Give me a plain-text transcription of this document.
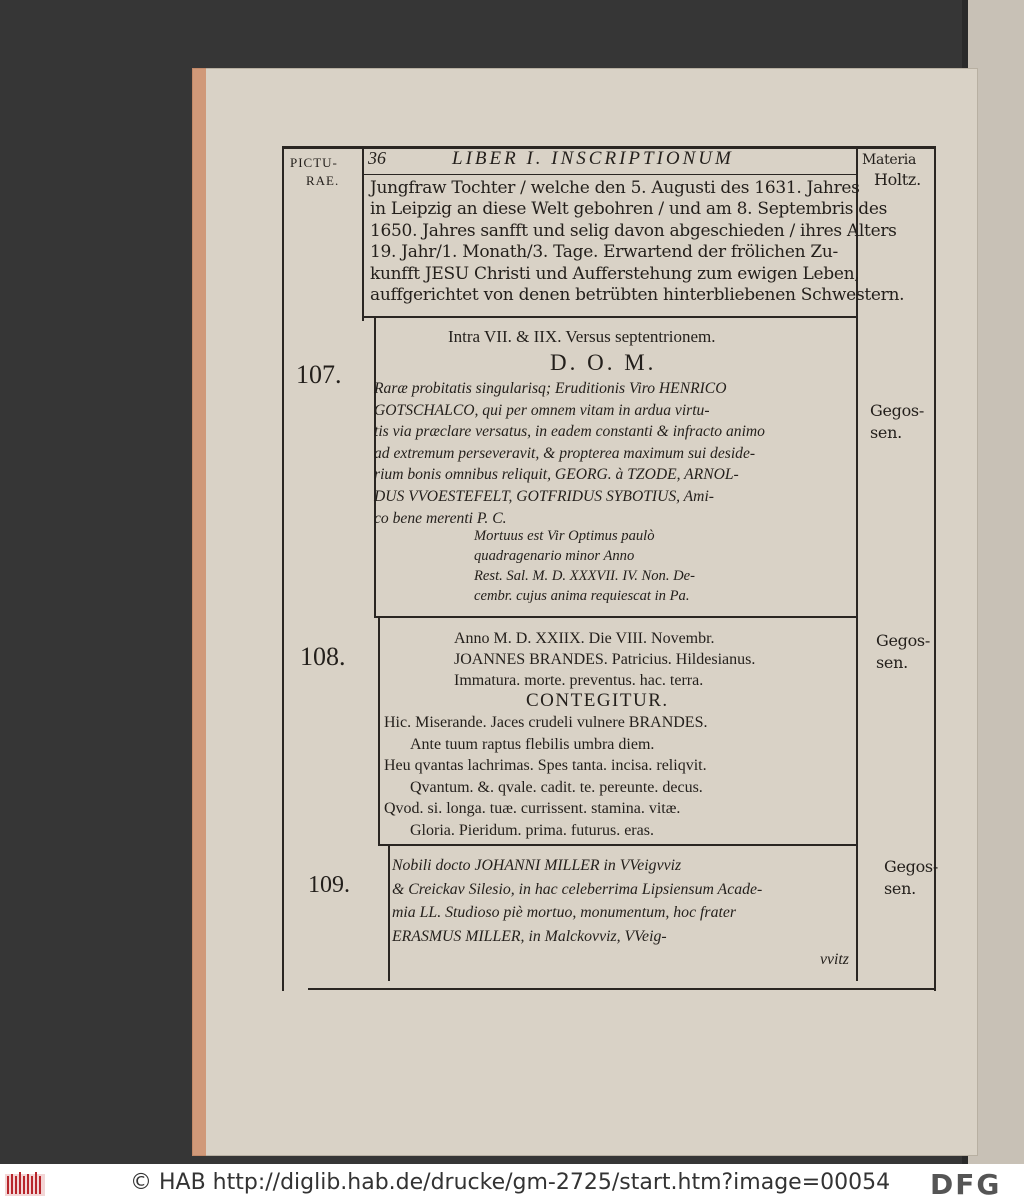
PICTU-
RAE.
36	LIBER I. INSCRIPTIONUM	Materia
Holtz.
Jungfraw Tochter / welche den 5. Augusti des 1631. Jahres
in Leipzig an diese Welt gebohren / und am 8. Septembris des
1650. Jahres sanfft und selig davon abgeschieden / ihres Alters
19. Jahr/1. Monath/3. Tage. Erwartend der frölichen Zu-
kunfft JESU Christi und Aufferstehung zum ewigen Leben,
auffgerichtet von denen betrübten hinterbliebenen Schwestern.
107.
Gegos-
sen.
Intra VII. & IIX. Versus septentrionem.
D. O. M.
Raræ probitatis singularisq; Eruditionis Viro HENRICO
GOTSCHALCO, qui per omnem vitam in ardua virtu-
tis via præclare versatus, in eadem constanti & infracto animo
ad extremum perseveravit, & propterea maximum sui deside-
rium bonis omnibus reliquit, GEORG. à TZODE, ARNOL-
DUS VVOESTEFELT, GOTFRIDUS SYBOTIUS, Ami-
co bene merenti P. C.
Mortuus est Vir Optimus paulò
quadragenario minor Anno
Rest. Sal. M. D. XXXVII. IV. Non. De-
cembr. cujus anima requiescat in Pa.
108.
Gegos-
sen.
Anno M. D. XXIIX. Die VIII. Novembr.
JOANNES BRANDES. Patricius. Hildesianus.
Immatura. morte. preventus. hac. terra.
CONTEGITUR.
Hic. Miserande. Jaces crudeli vulnere BRANDES.
Ante tuum raptus flebilis umbra diem.
Heu qvantas lachrimas. Spes tanta. incisa. reliqvit.
Qvantum. &. qvale. cadit. te. pereunte. decus.
Qvod. si. longa. tuæ. currissent. stamina. vitæ.
Gloria. Pieridum. prima. futurus. eras.
109.
Gegos-
sen.
Nobili docto JOHANNI MILLER in VVeigvviz
& Creickav Silesio, in hac celeberrima Lipsiensum Acade-
mia LL. Studioso piè mortuo, monumentum, hoc frater
ERASMUS MILLER, in Malckovviz, VVeig-
vvitz
© HAB http://diglib.hab.de/drucke/gm-2725/start.htm?image=00054 DFG
